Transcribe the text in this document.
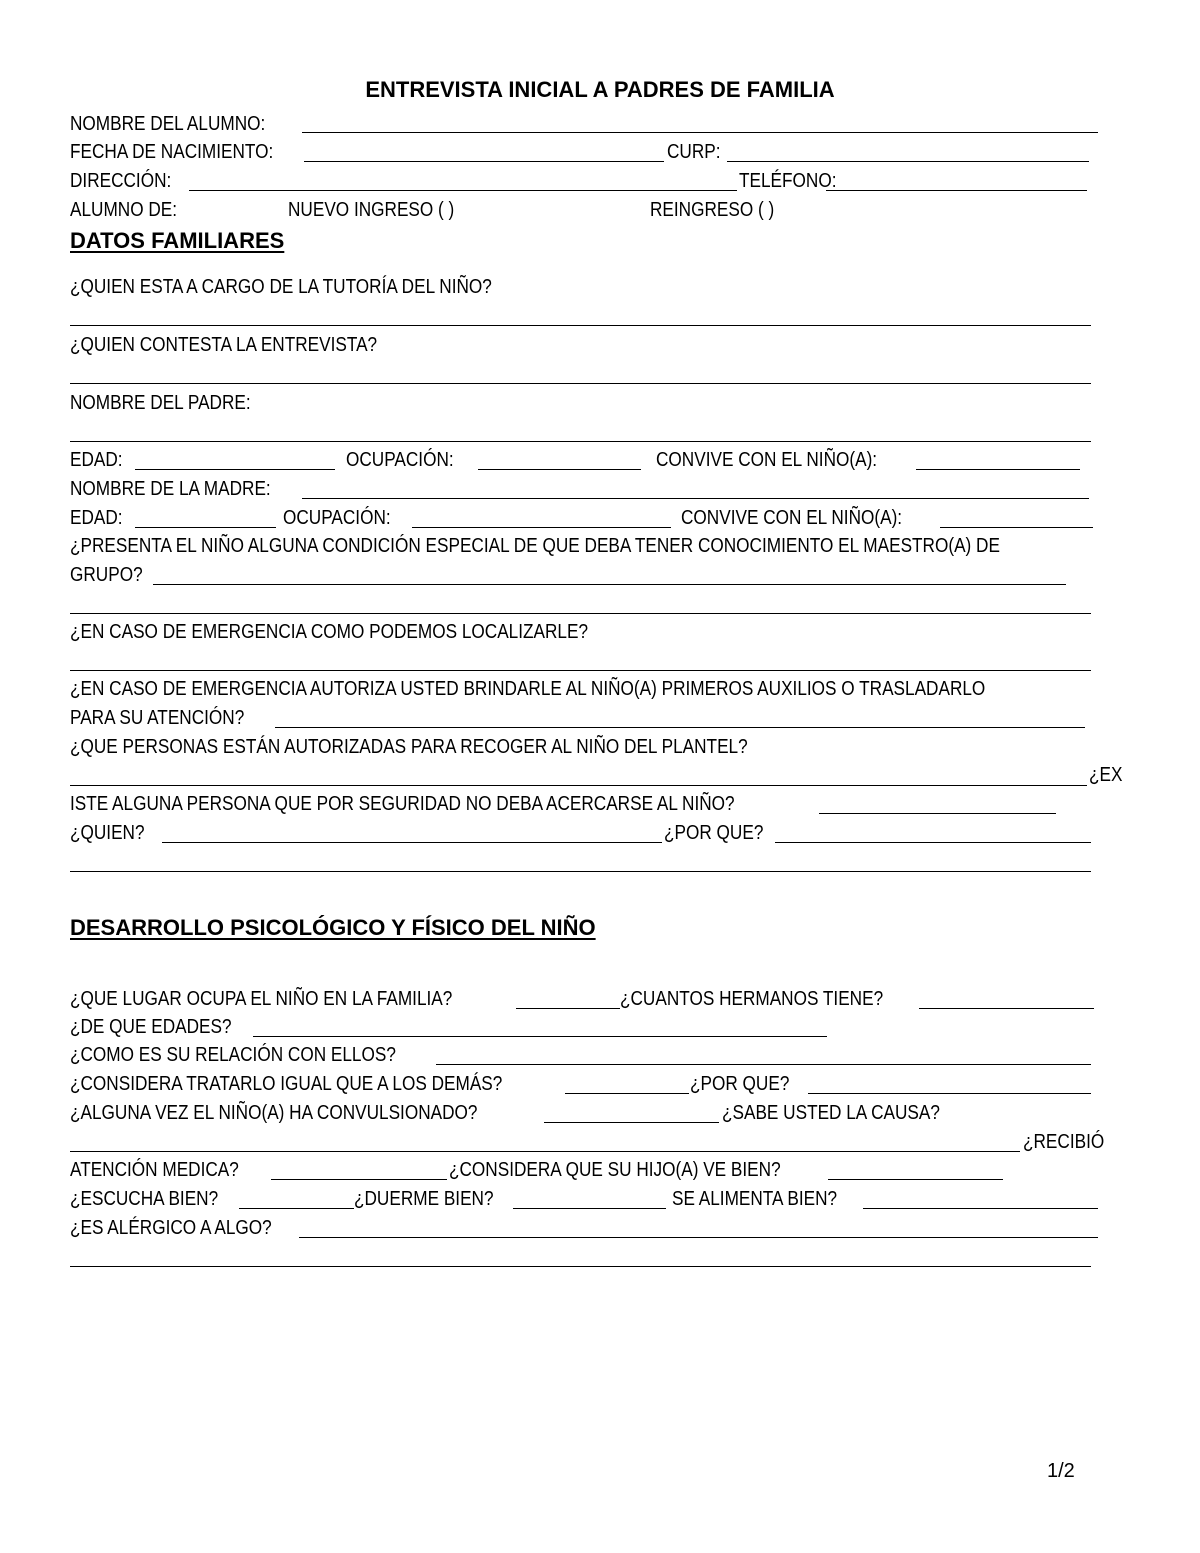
ENTREVISTA INICIAL A PADRES DE FAMILIA
NOMBRE DEL ALUMNO:
FECHA DE NACIMIENTO:	CURP:
DIRECCIÓN:	TELÉFONO:
ALUMNO DE:	NUEVO INGRESO ( )	REINGRESO ( )
DATOS FAMILIARES
¿QUIEN ESTA A CARGO DE LA TUTORÍA DEL NIÑO?
¿QUIEN CONTESTA LA ENTREVISTA?
NOMBRE DEL PADRE:
EDAD:	OCUPACIÓN:	CONVIVE CON EL NIÑO(A):
NOMBRE DE LA MADRE:
EDAD:	OCUPACIÓN:	CONVIVE CON EL NIÑO(A):
¿PRESENTA EL NIÑO ALGUNA CONDICIÓN ESPECIAL DE QUE DEBA TENER CONOCIMIENTO EL MAESTRO(A) DE
GRUPO?
¿EN CASO DE EMERGENCIA COMO PODEMOS LOCALIZARLE?
¿EN CASO DE EMERGENCIA AUTORIZA USTED BRINDARLE AL NIÑO(A) PRIMEROS AUXILIOS O TRASLADARLO
PARA SU ATENCIÓN?
¿QUE PERSONAS ESTÁN AUTORIZADAS PARA RECOGER AL NIÑO DEL PLANTEL?
¿EX
ISTE ALGUNA PERSONA QUE POR SEGURIDAD NO DEBA ACERCARSE AL NIÑO?
¿QUIEN?	¿POR QUE?
DESARROLLO PSICOLÓGICO Y FÍSICO DEL NIÑO
¿QUE LUGAR OCUPA EL NIÑO EN LA FAMILIA?	¿CUANTOS HERMANOS TIENE?
¿DE QUE EDADES?
¿COMO ES SU RELACIÓN CON ELLOS?
¿CONSIDERA TRATARLO IGUAL QUE A LOS DEMÁS?	¿POR QUE?
¿ALGUNA VEZ EL NIÑO(A) HA CONVULSIONADO?	¿SABE USTED LA CAUSA?
¿RECIBIÓ
ATENCIÓN MEDICA?	¿CONSIDERA QUE SU HIJO(A) VE BIEN?
¿ESCUCHA BIEN?	¿DUERME BIEN?	SE ALIMENTA BIEN?
¿ES ALÉRGICO A ALGO?
1/2
